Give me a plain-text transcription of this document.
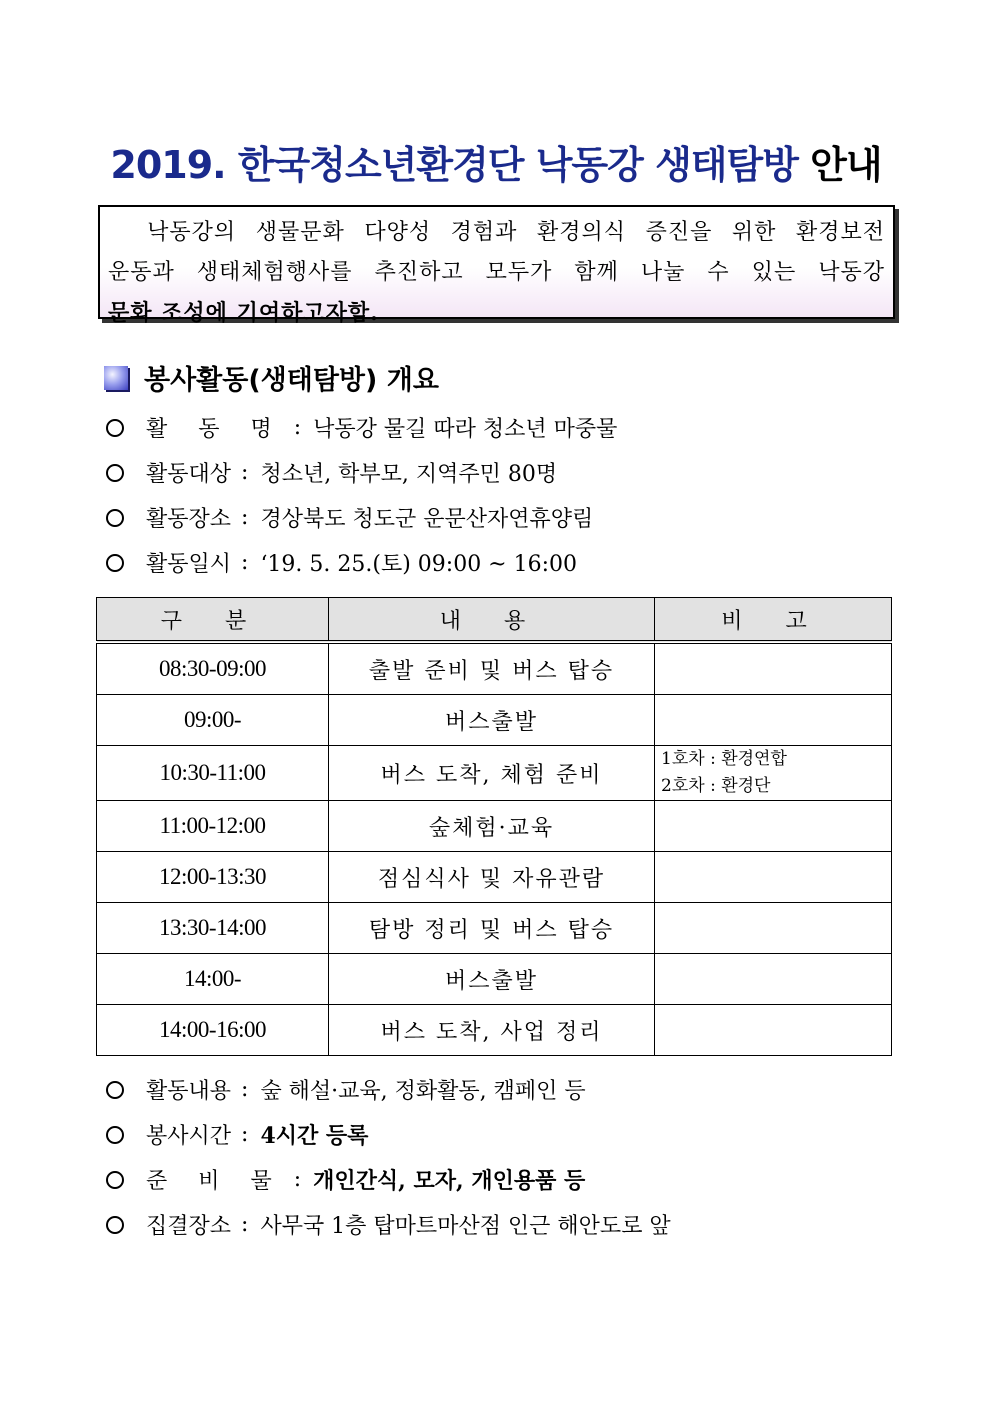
2019. 한국청소년환경단 낙동강 생태탐방 안내

낙동강의 생물문화 다양성 경험과 환경의식 증진을 위한 환경보전

운동과 생태체험행사를 추진하고 모두가 함께 나눌 수 있는 낙동강

문화 조성에 기여하고자함.

봉사활동(생태탐방) 개요
활 동 명 : 낙동강 물길 따라 청소년 마중물
활동대상 : 청소년, 학부모, 지역주민 80명
활동장소 : 경상북도 청도군 운문산자연휴양림
활동일시 : ‘19. 5. 25.(토) 09:00 ~ 16:00
구 분	내 용	비 고
08:30-09:00	출발 준비 및 버스 탑승	
09:00-	버스출발	
10:30-11:00	버스 도착, 체험 준비	1호차 : 환경연합
2호차 : 환경단

11:00-12:00	숲체험·교육	
12:00-13:30	점심식사 및 자유관람	
13:30-14:00	탐방 정리 및 버스 탑승	
14:00-	버스출발	
14:00-16:00	버스 도착, 사업 정리	
활동내용 : 숲 해설·교육, 정화활동, 캠페인 등
봉사시간 : 4시간 등록
준 비 물 : 개인간식, 모자, 개인용품 등
집결장소 : 사무국 1층 탑마트마산점 인근 해안도로 앞
